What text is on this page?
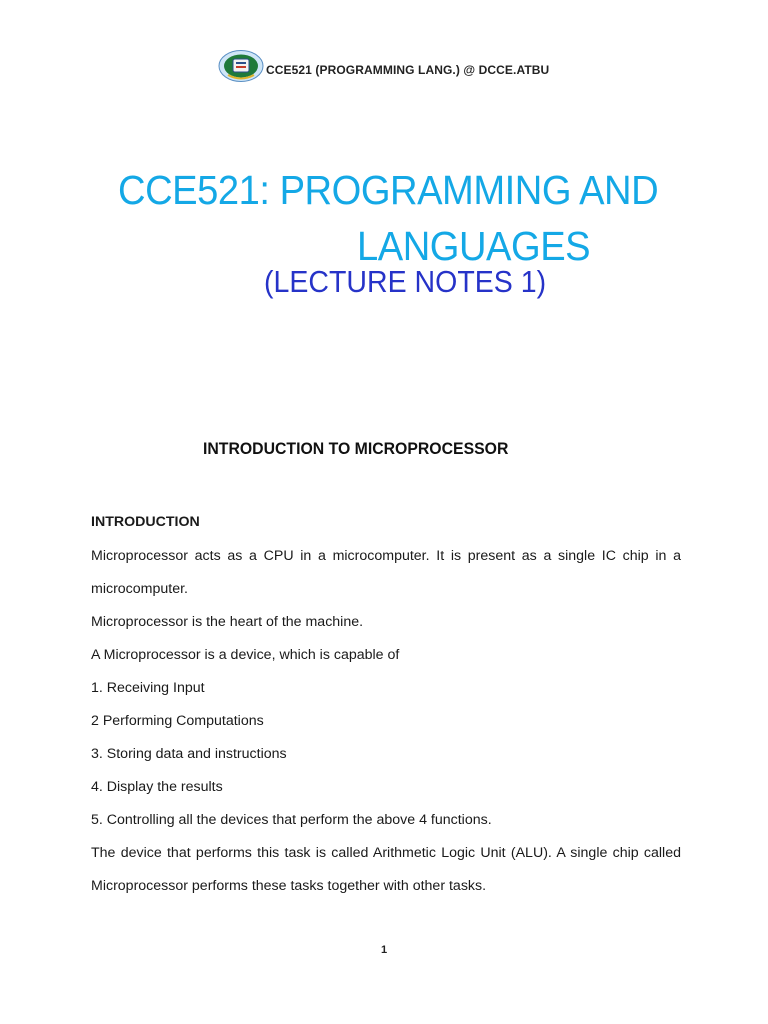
CCE521 (PROGRAMMING LANG.) @ DCCE.ATBU
CCE521: PROGRAMMING AND
LANGUAGES
(LECTURE NOTES 1)
INTRODUCTION TO MICROPROCESSOR

INTRODUCTION

Microprocessor acts as a CPU in a microcomputer. It is present as a single IC chip in a microcomputer.

Microprocessor is the heart of the machine.

A Microprocessor is a device, which is capable of

1. Receiving Input

2 Performing Computations

3. Storing data and instructions

4. Display the results

5. Controlling all the devices that perform the above 4 functions.

The device that performs this task is called Arithmetic Logic Unit (ALU). A single chip called Microprocessor performs these tasks together with other tasks.

1
